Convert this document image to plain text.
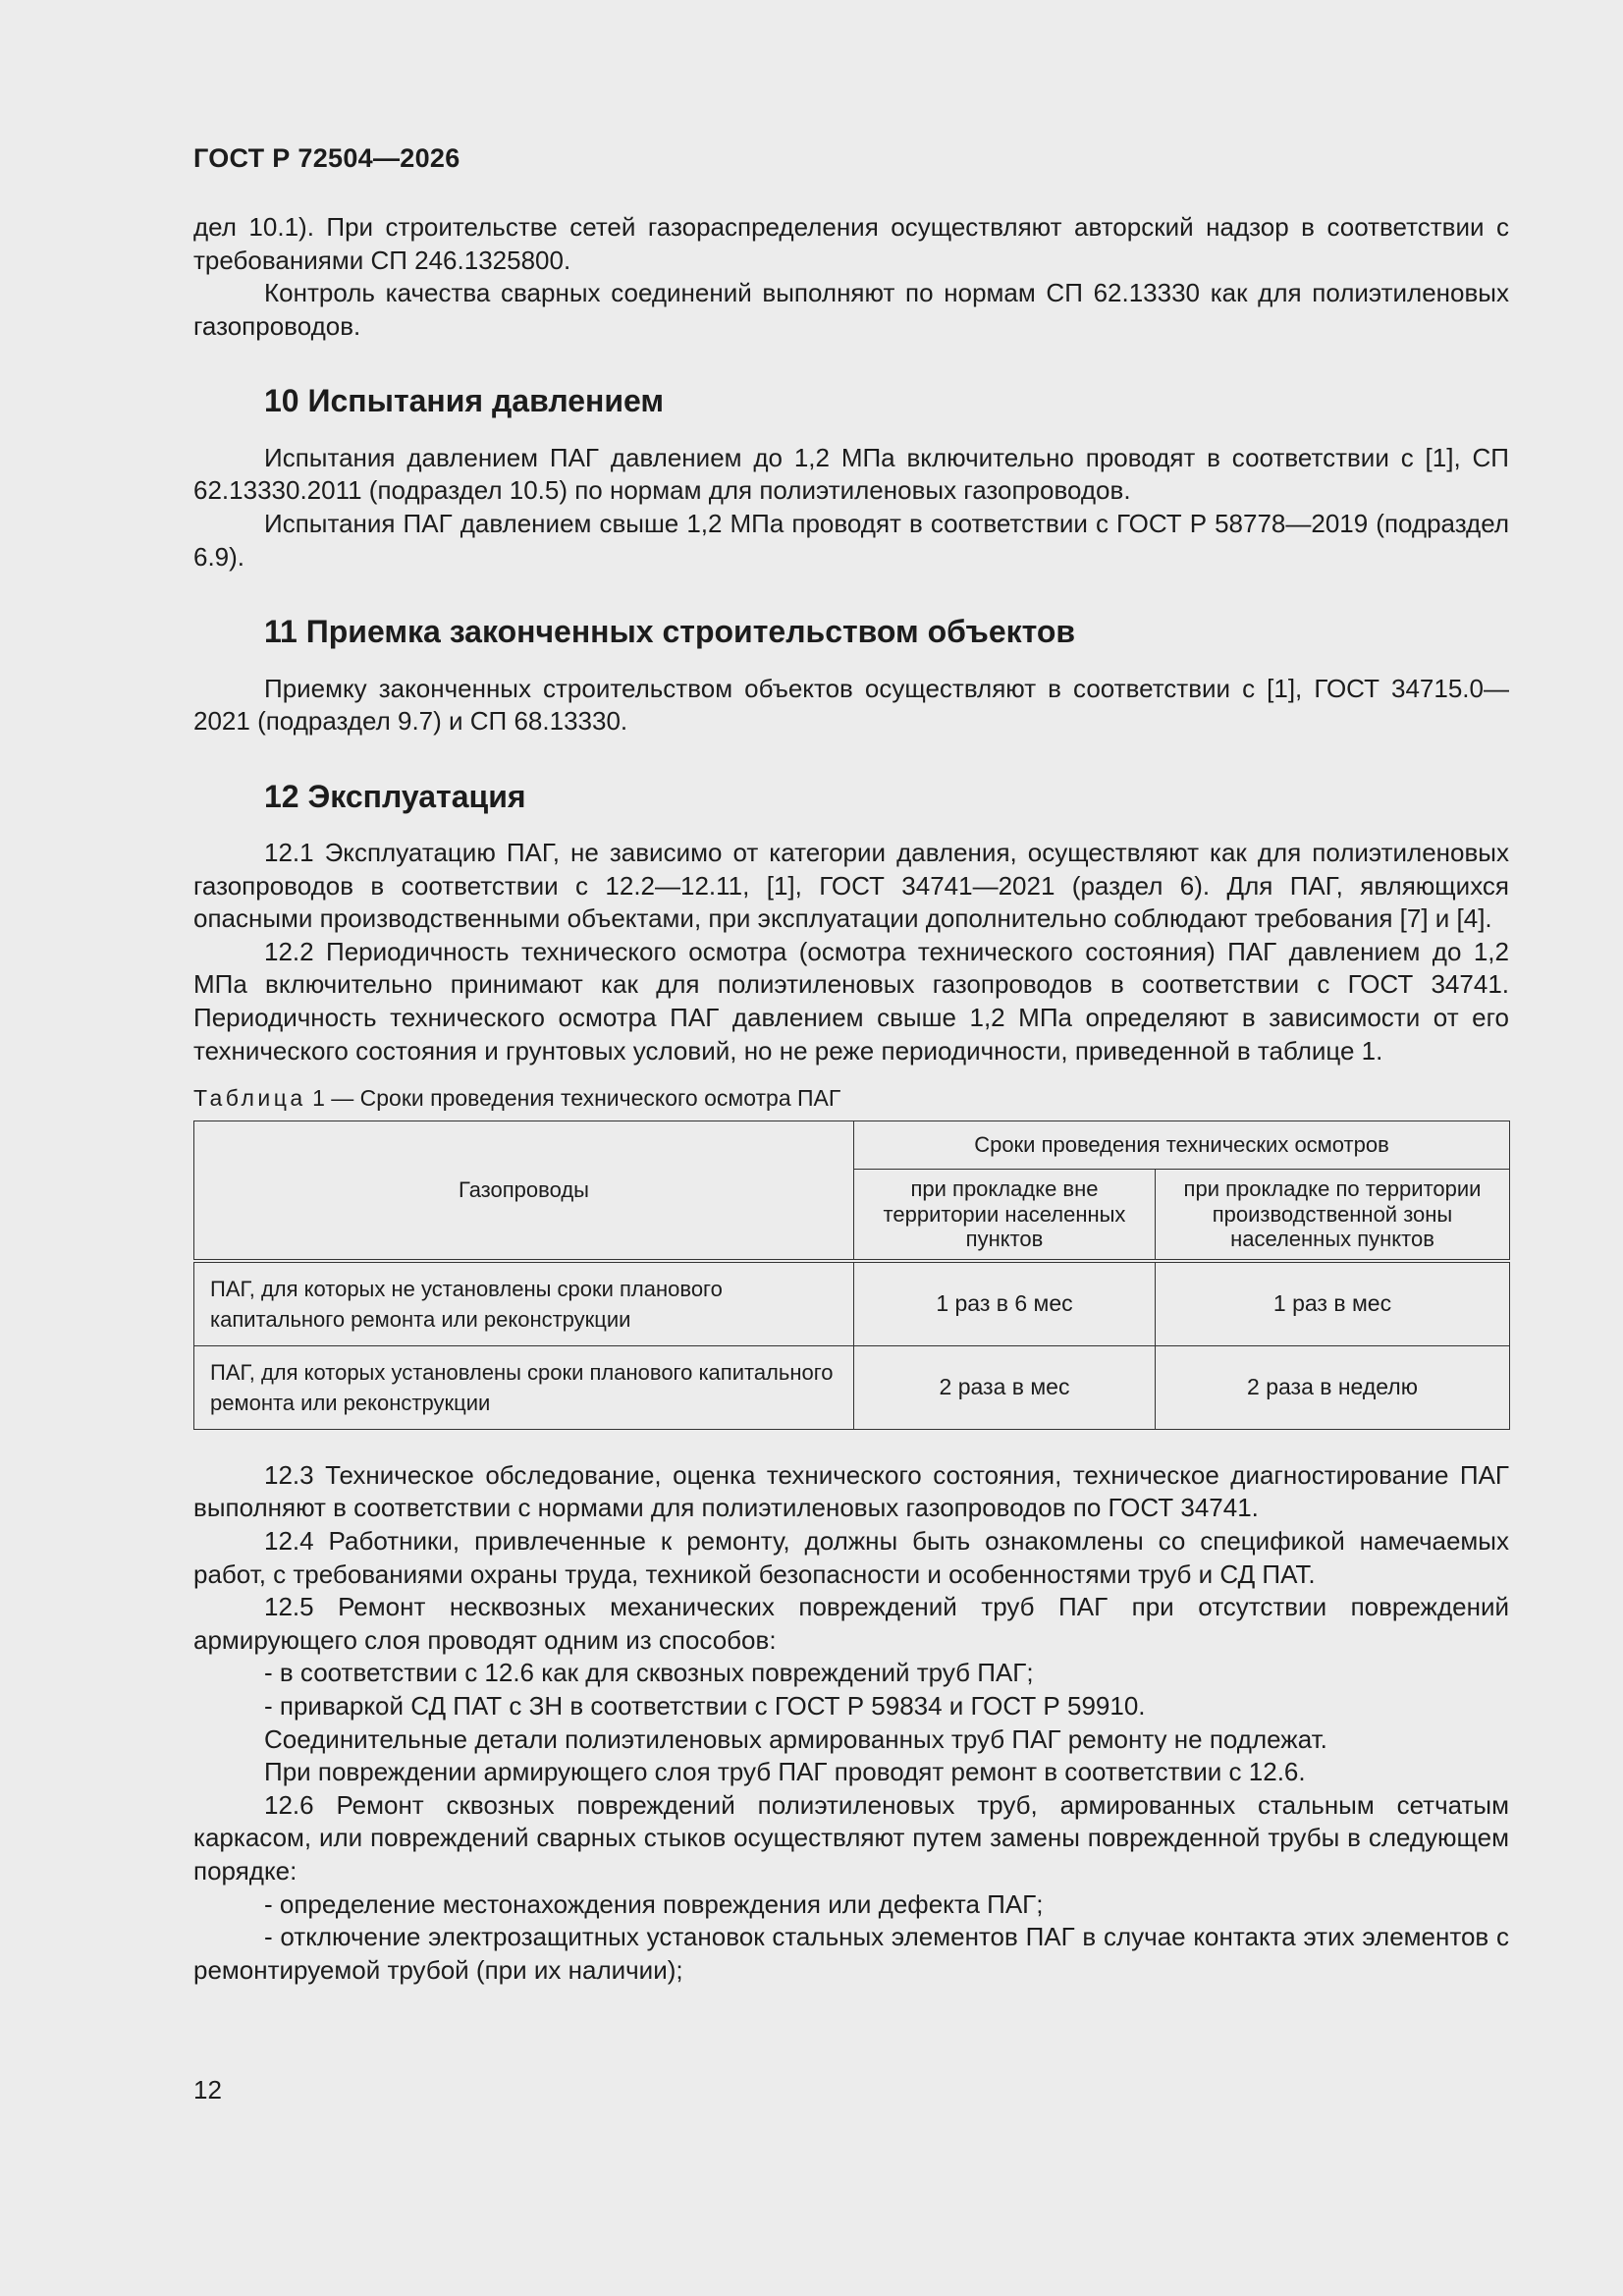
ГОСТ Р 72504—2026

дел 10.1). При строительстве сетей газораспределения осуществляют авторский надзор в соответствии с требованиями СП 246.1325800.

Контроль качества сварных соединений выполняют по нормам СП 62.13330 как для полиэтиленовых газопроводов.

10 Испытания давлением

Испытания давлением ПАГ давлением до 1,2 МПа включительно проводят в соответствии с [1], СП 62.13330.2011 (подраздел 10.5) по нормам для полиэтиленовых газопроводов.

Испытания ПАГ давлением свыше 1,2 МПа проводят в соответствии с ГОСТ Р 58778—2019 (подраздел 6.9).

11 Приемка законченных строительством объектов

Приемку законченных строительством объектов осуществляют в соответствии с [1], ГОСТ 34715.0—2021 (подраздел 9.7) и СП 68.13330.

12 Эксплуатация

12.1 Эксплуатацию ПАГ, не зависимо от категории давления, осуществляют как для полиэтиленовых газопроводов в соответствии с 12.2—12.11, [1], ГОСТ 34741—2021 (раздел 6). Для ПАГ, являющихся опасными производственными объектами, при эксплуатации дополнительно соблюдают требования [7] и [4].

12.2 Периодичность технического осмотра (осмотра технического состояния) ПАГ давлением до 1,2 МПа включительно принимают как для полиэтиленовых газопроводов в соответствии с ГОСТ 34741. Периодичность технического осмотра ПАГ давлением свыше 1,2 МПа определяют в зависимости от его технического состояния и грунтовых условий, но не реже периодичности, приведенной в таблице 1.

Таблица 1 — Сроки проведения технического осмотра ПАГ
Газопроводы	Сроки проведения технических осмотров	
	при прокладке вне территории населенных пунктов	при прокладке по территории производственной зоны населенных пунктов
ПАГ, для которых не установлены сроки планового капитального ремонта или реконструкции	1 раз в 6 мес	1 раз в мес
ПАГ, для которых установлены сроки планового капитального ремонта или реконструкции	2 раза в мес	2 раза в неделю

12.3 Техническое обследование, оценка технического состояния, техническое диагностирование ПАГ выполняют в соответствии с нормами для полиэтиленовых газопроводов по ГОСТ 34741.

12.4 Работники, привлеченные к ремонту, должны быть ознакомлены со спецификой намечаемых работ, с требованиями охраны труда, техникой безопасности и особенностями труб и СД ПАТ.

12.5 Ремонт несквозных механических повреждений труб ПАГ при отсутствии повреждений армирующего слоя проводят одним из способов:

- в соответствии с 12.6 как для сквозных повреждений труб ПАГ;

- приваркой СД ПАТ с ЗН в соответствии с ГОСТ Р 59834 и ГОСТ Р 59910.

Соединительные детали полиэтиленовых армированных труб ПАГ ремонту не подлежат.

При повреждении армирующего слоя труб ПАГ проводят ремонт в соответствии с 12.6.

12.6 Ремонт сквозных повреждений полиэтиленовых труб, армированных стальным сетчатым каркасом, или повреждений сварных стыков осуществляют путем замены поврежденной трубы в следующем порядке:

- определение местонахождения повреждения или дефекта ПАГ;

- отключение электрозащитных установок стальных элементов ПАГ в случае контакта этих элементов с ремонтируемой трубой (при их наличии);

12
